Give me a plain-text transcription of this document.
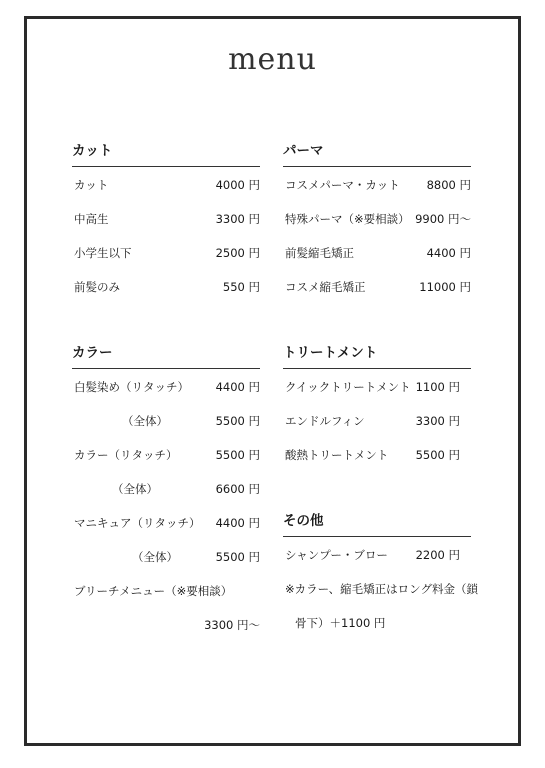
menu
カット
カット	4000 円
中高生	3300 円
小学生以下	2500 円
前髪のみ	550 円
パーマ
コスメパーマ・カット 8800 円
特殊パーマ（※要相談） 9900 円～
前髪縮毛矯正	4400 円
コスメ縮毛矯正	11000 円
カラー
白髪染め（リタッチ） 4400 円
（全体）	5500 円
カラー（リタッチ）	5500 円
（全体）	6600 円
マニキュア（リタッチ） 4400 円
（全体）	5500 円
ブリーチメニュー（※要相談）
3300 円～
トリートメント
クイックトリートメント 1100 円
エンドルフィン	3300 円
酸熱トリートメント 5500 円
その他
シャンプー・ブロー 2200 円
※カラー、縮毛矯正はロング料金（鎖
骨下）＋1100 円
